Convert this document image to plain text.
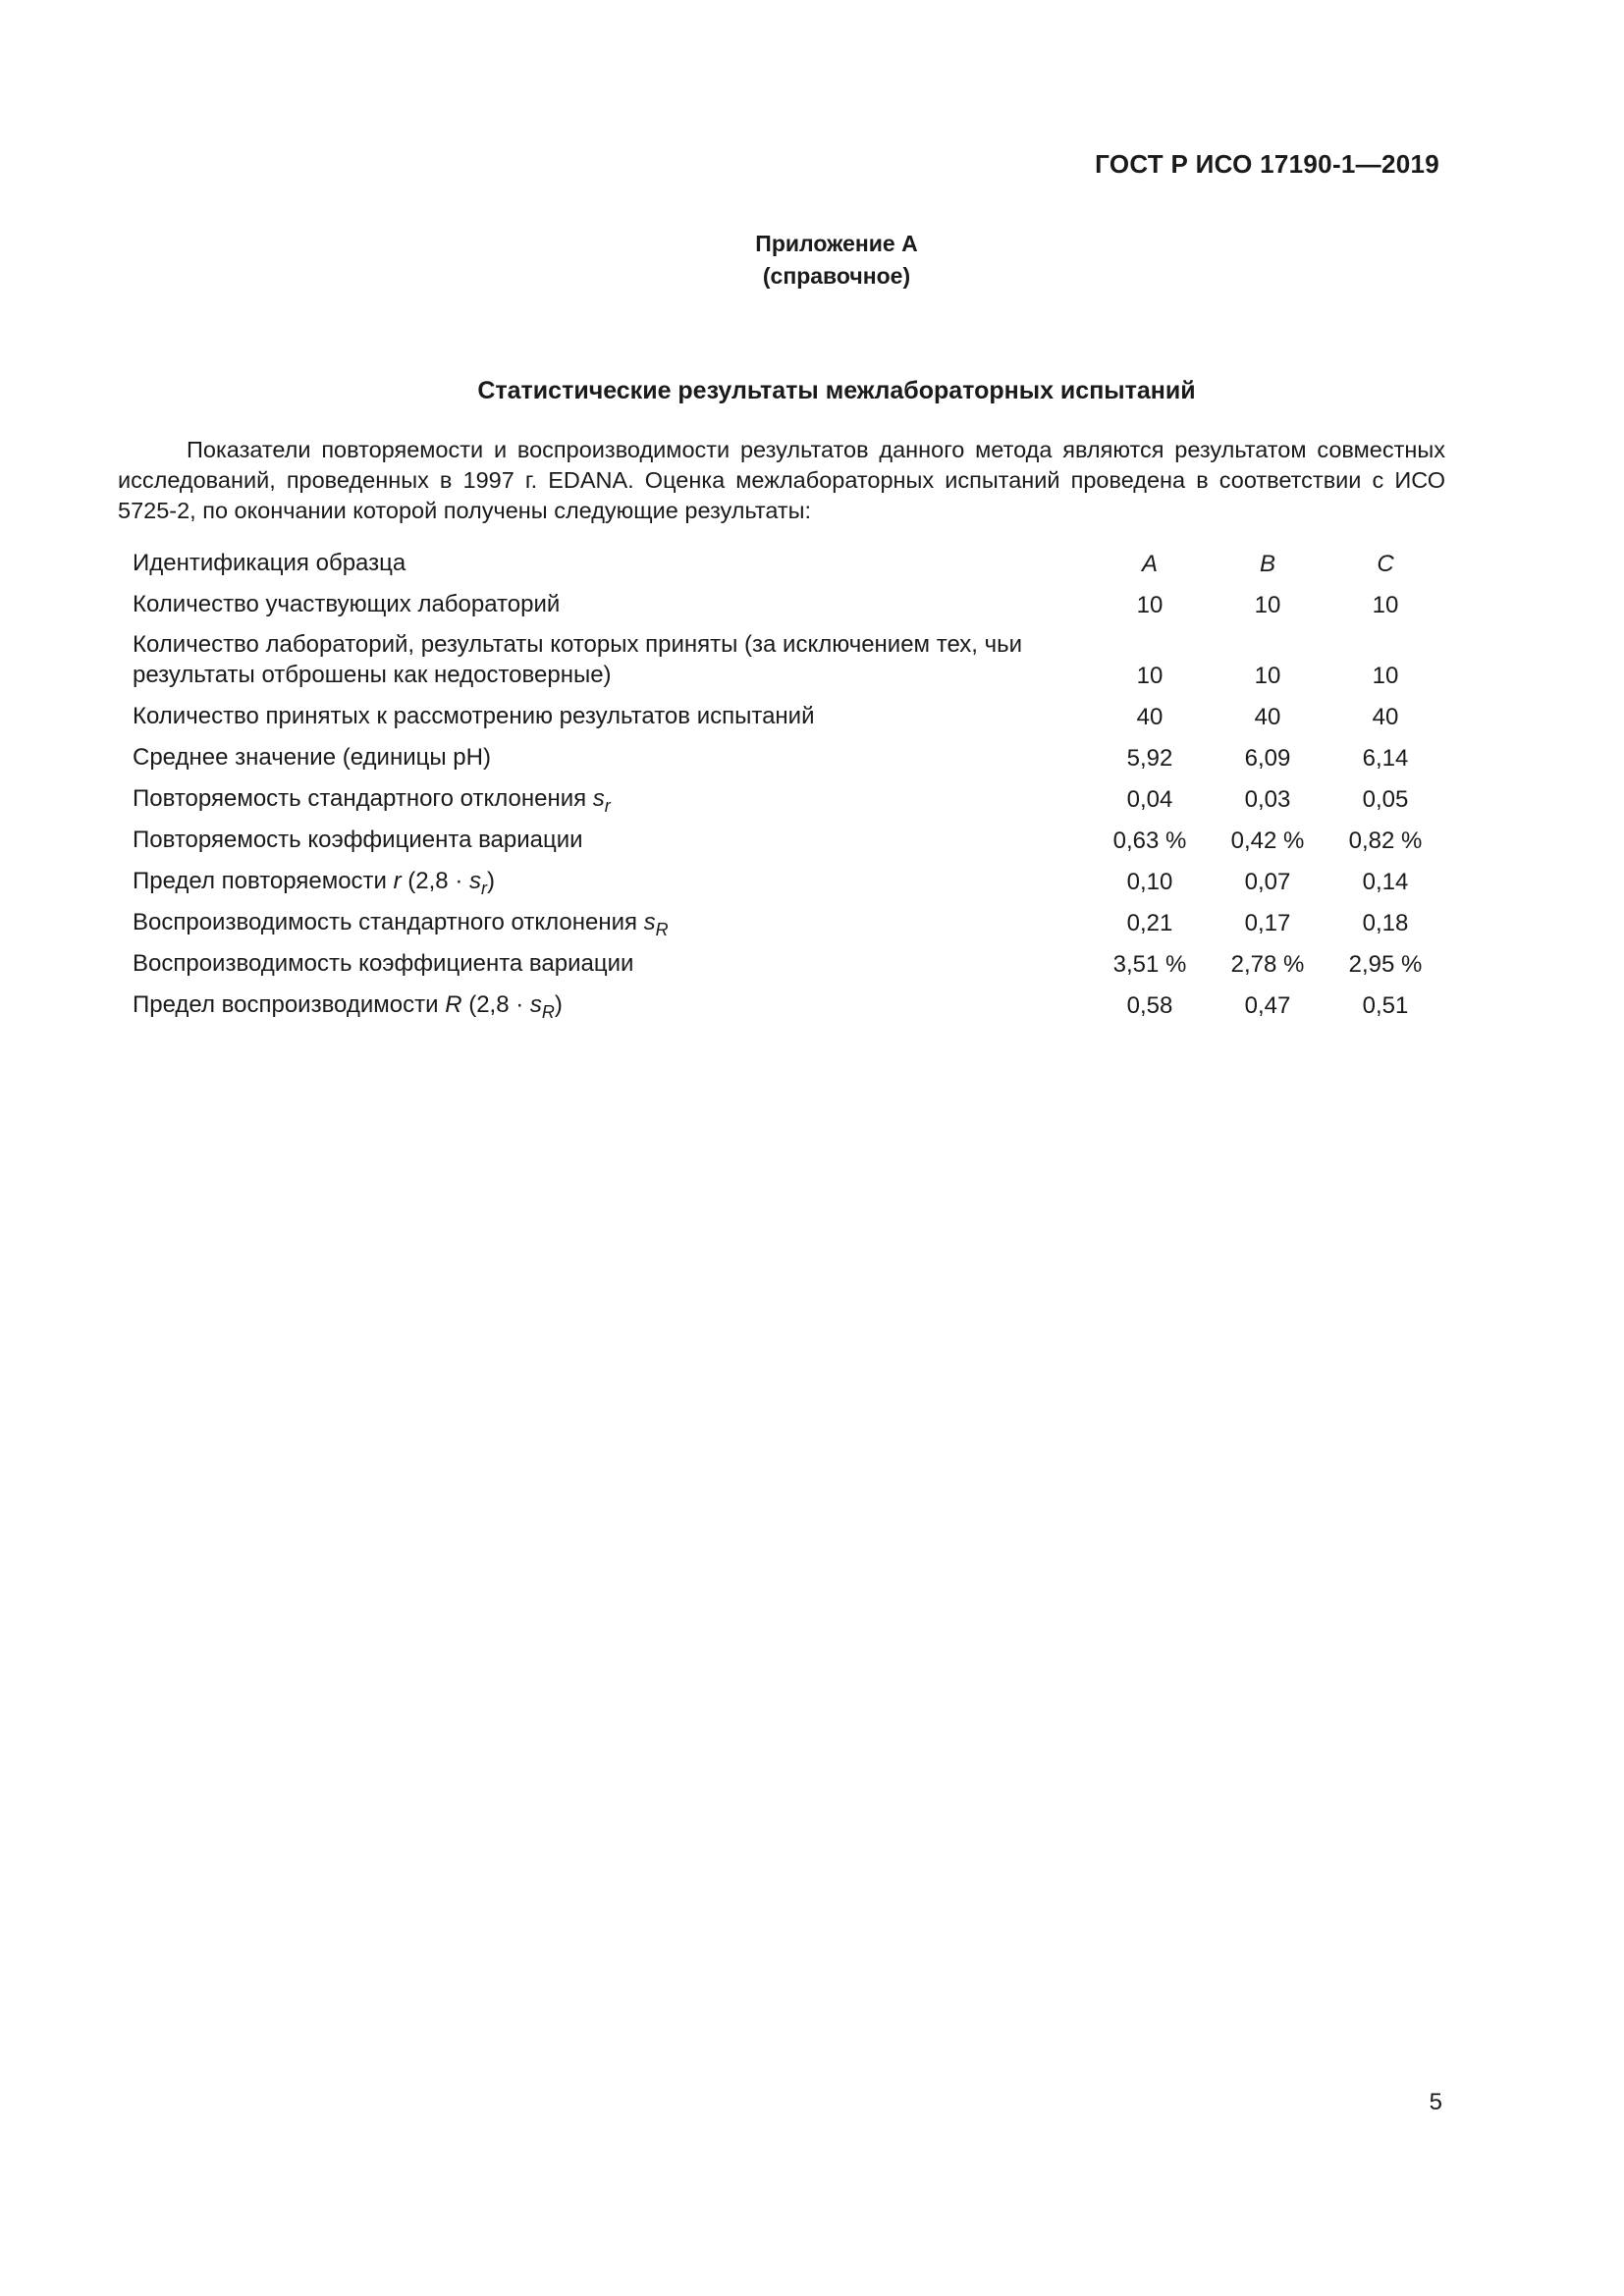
ГОСТ Р ИСО 17190-1—2019
Приложение А
(справочное)
Статистические результаты межлабораторных испытаний

Показатели повторяемости и воспроизводимости результатов данного метода являются результатом совместных исследований, проведенных в 1997 г. EDANA. Оценка межлабораторных испытаний проведена в соответствии с ИСО 5725-2, по окончании которой получены следующие результаты:

Идентификация образца	A	B	C
Количество участвующих лабораторий	10	10	10
Количество лабораторий, результаты которых приняты (за исключением тех, чьи результаты отброшены как недостоверные)	10	10	10
Количество принятых к рассмотрению результатов испытаний	40	40	40
Среднее значение (единицы pH)	5,92	6,09	6,14
Повторяемость стандартного отклонения $s_r$	0,04	0,03	0,05
Повторяемость коэффициента вариации	0,63 %	0,42 %	0,82 %
Предел повторяемости r $(2,8 \cdot s_r)$	0,10	0,07	0,14
Воспроизводимость стандартного отклонения $s_R$	0,21	0,17	0,18
Воспроизводимость коэффициента вариации	3,51 %	2,78 %	2,95 %
Предел воспроизводимости R $(2,8 \cdot s_R)$	0,58	0,47	0,51
5
